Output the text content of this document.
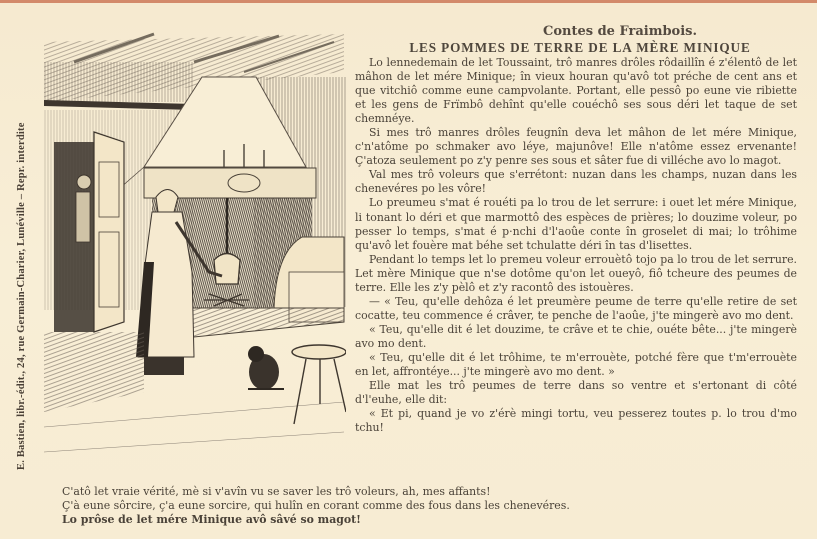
E. Bastien, libr.-édit., 24, rue Germain-Charier, Lunéville – Repr. interdite
Contes de Fraimbois.
LES POMMES DE TERRE DE LA MÈRE MINIQUE

Lo lennedemain de let Toussaint, trô manres drôles rôdaillîn é z'élentô de let mâhon de let mére Minique; în vieux houran qu'avô tot préche de cent ans et que vitchiô comme eune campvolante. Portant, elle pessô po eune vie ribiette et les gens de Frïmbô dehînt qu'elle couéchô ses sous déri let taque de set chemnéye.

Si mes trô manres drôles feugnîn deva let mâhon de let mére Minique, c'n'atôme po schmaker avo léye, majunôve! Elle n'atôme essez ervenante! Ç'atoza seulement po z'y penre ses sous et sâter fue di villéche avo lo magot.

Val mes trô voleurs que s'errétont: nuzan dans les champs, nuzan dans les chenevéres po les vôre!

Lo preumeu s'mat é rouéti pa lo trou de let serrure: i ouet let mére Minique, li tonant lo déri et que marmottô des espèces de prières; lo douzime voleur, po pesser lo temps, s'mat é p·nchi d'l'aoûe conte în groselet di mai; lo trôhime qu'avô let fouère mat béhe set tchulatte déri în tas d'lisettes.

Pendant lo temps let lo premeu voleur errouètô tojo pa lo trou de let serrure. Let mère Minique que n'se dotôme qu'on let oueyô, fiô tcheure des peumes de terre. Elle les z'y pèlô et z'y racontô des istouères.

— « Teu, qu'elle dehôza é let preumère peume de terre qu'elle retire de set cocatte, teu commence é crâver, te penche de l'aoûe, j'te mingerè avo mo dent.

« Teu, qu'elle dit é let douzime, te crâve et te chie, ouéte bête... j'te mingerè avo mo dent.

« Teu, qu'elle dit é let trôhime, te m'errouète, potché fère que t'm'errouète en let, affrontéye... j'te mingerè avo mo dent. »

Elle mat les trô peumes de terre dans so ventre et s'ertonant di côté d'l'euhe, elle dit:

« Et pi, quand je vo z'érè mingi tortu, veu pesserez toutes p. lo trou d'mo tchu!

C'atô let vraie vérité, mè si v'avîn vu se saver les trô voleurs, ah, mes affants!

Ç'à eune sôrcire, ç'a eune sorcire, qui hulîn en corant comme des fous dans les chenevéres.

Lo prôse de let mére Minique avô sâvé so magot!
